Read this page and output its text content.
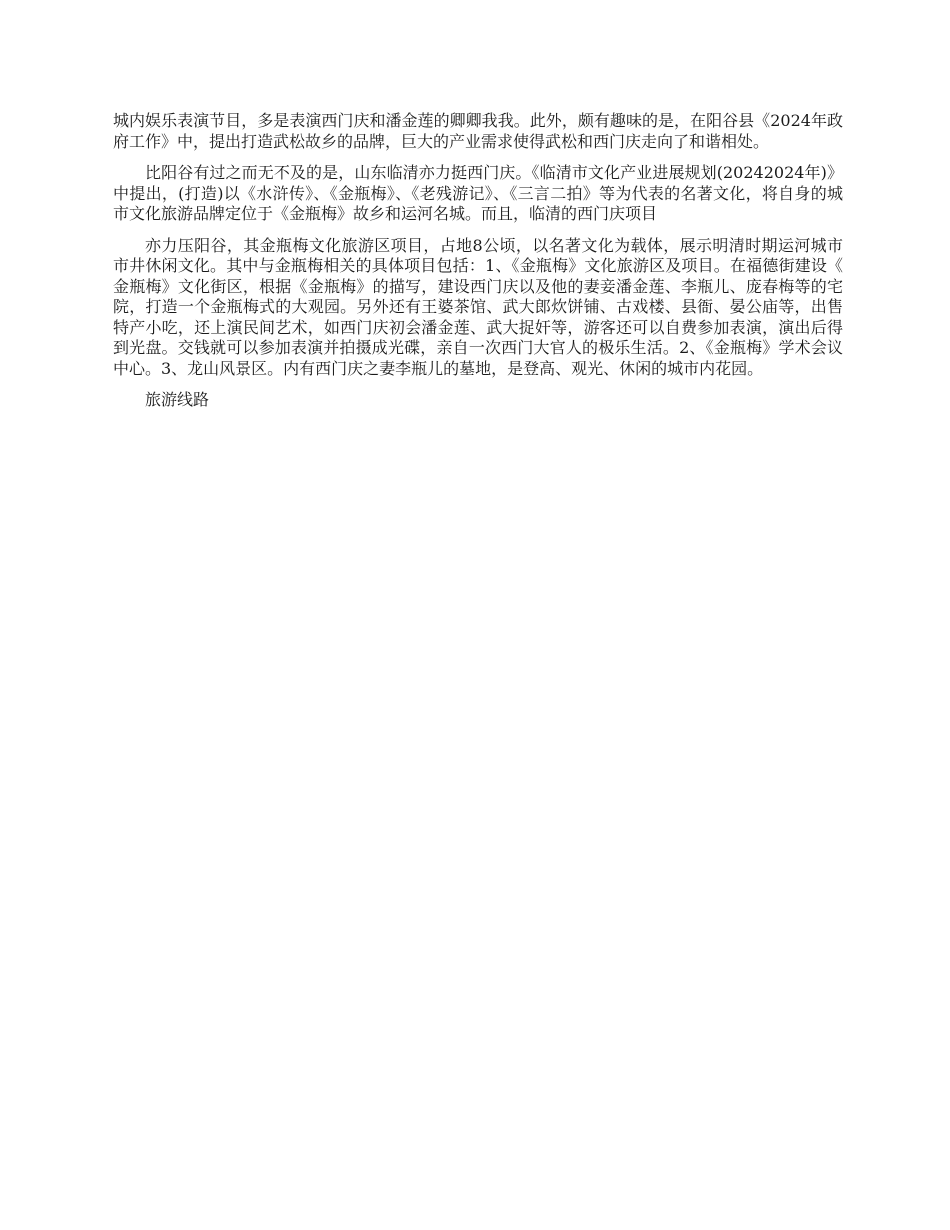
城内娱乐表演节目，多是表演西门庆和潘金莲的卿卿我我。此外，颇有趣味的是，在阳谷县《2024年政府工作》中，提出打造武松故乡的品牌，巨大的产业需求使得武松和西门庆走向了和谐相处。

比阳谷有过之而无不及的是，山东临清亦力挺西门庆。《临清市文化产业进展规划(20242024年)》中提出，(打造)以《水浒传》、《金瓶梅》、《老残游记》、《三言二拍》等为代表的名著文化，将自身的城市文化旅游品牌定位于《金瓶梅》故乡和运河名城。而且，临清的西门庆项目

亦力压阳谷，其金瓶梅文化旅游区项目，占地8公顷，以名著文化为载体，展示明清时期运河城市市井休闲文化。其中与金瓶梅相关的具体项目包括：1、《金瓶梅》文化旅游区及项目。在福德街建设《金瓶梅》文化街区，根据《金瓶梅》的描写，建设西门庆以及他的妻妾潘金莲、李瓶儿、庞春梅等的宅院，打造一个金瓶梅式的大观园。另外还有王婆茶馆、武大郎炊饼铺、古戏楼、县衙、晏公庙等，出售特产小吃，还上演民间艺术，如西门庆初会潘金莲、武大捉奸等，游客还可以自费参加表演，演出后得到光盘。交钱就可以参加表演并拍摄成光碟，亲自一次西门大官人的极乐生活。2、《金瓶梅》学术会议中心。3、龙山风景区。内有西门庆之妻李瓶儿的墓地，是登高、观光、休闲的城市内花园。

旅游线路
